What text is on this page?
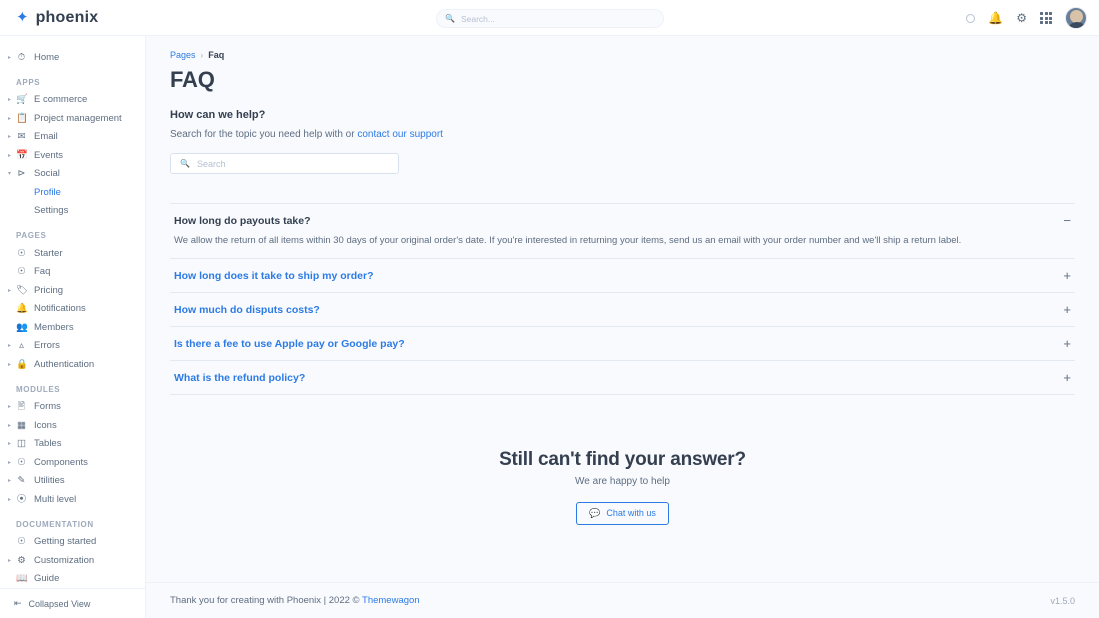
✦ phoenix	🔍
Search...	🔔 ⚙
▸ ⏱ Home
APPS
▸ 🛒 E commerce
▸ 📋 Project management
▸ ✉ Email
▸ 📅 Events
▾ ⊳ Social
Profile
Settings
PAGES
☉ Starter
☉ Faq
▸ 🏷 Pricing
🔔 Notifications
👥 Members
▸ ▵	Errors
▸ 🔒 Authentication
MODULES
▸ 🖹 Forms
▸ ▦ Icons
▸ ◫ Tables
▸ ☉ Components
▸ ✎ Utilities
▸ ⦿ Multi level
DOCUMENTATION
☉ Getting started
▸ ⚙ Customization
📖 Guide
⇤ Collapsed View
Pages › Faq
FAQ
How can we help?
Search for the topic you need help with or contact our support
🔍
Search
How long do payouts take?
We allow the return of all items within 30 days of your original order's date. If you're interested in returning your items, send us an email with your order number and we'll ship a return label.
−
How long does it take to ship my order?	+
How much do disputs costs?	+
Is there a fee to use Apple pay or Google pay?	+
What is the refund policy?	+
Still can't find your answer?

We are happy to help

💬 Chat with us
Thank you for creating with Phoenix | 2022 © Themewagon	v1.5.0
